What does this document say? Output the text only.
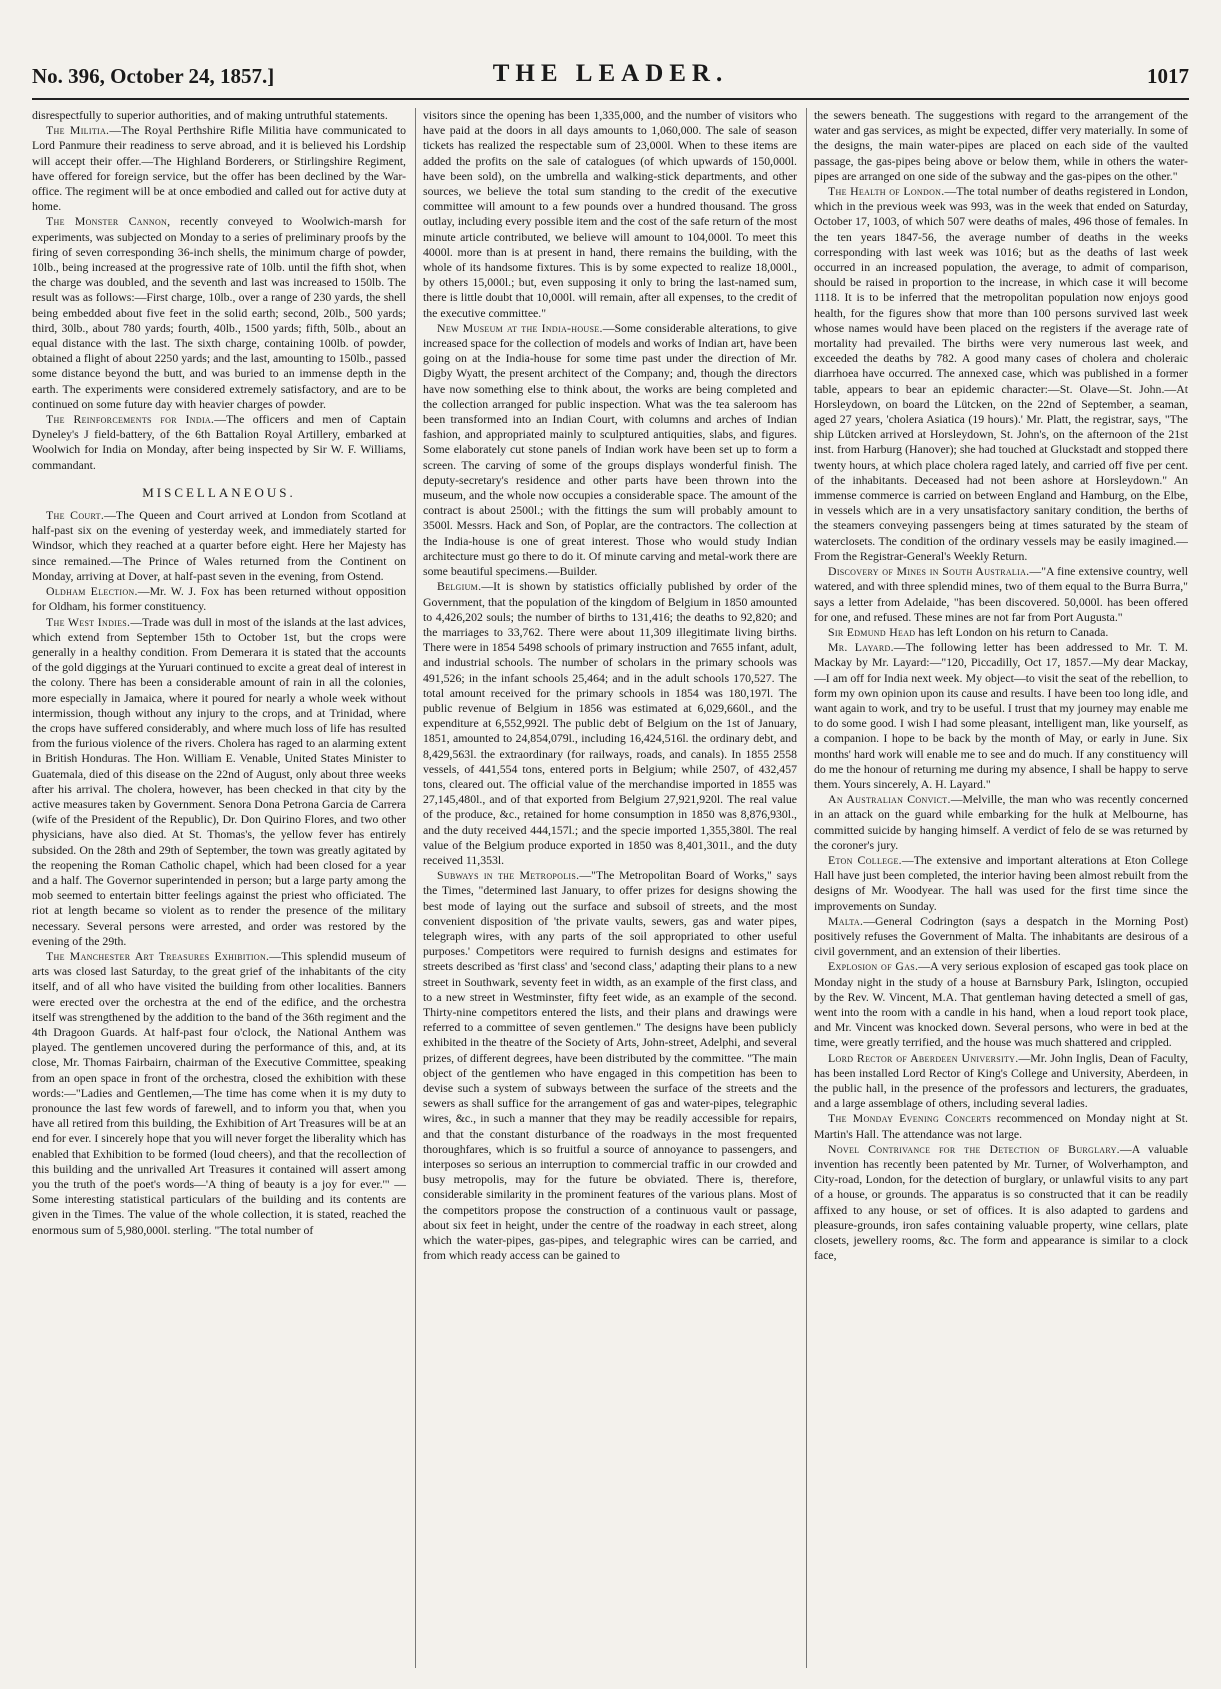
No. 396, October 24, 1857.]	THE LEADER.	1017

disrespectfully to superior authorities, and of making untruthful statements.

The Militia.—The Royal Perthshire Rifle Militia have communicated to Lord Panmure their readiness to serve abroad, and it is believed his Lordship will accept their offer.—The Highland Borderers, or Stirlingshire Regiment, have offered for foreign service, but the offer has been declined by the War-office. The regiment will be at once embodied and called out for active duty at home.

The Monster Cannon, recently conveyed to Woolwich-marsh for experiments, was subjected on Monday to a series of preliminary proofs by the firing of seven corresponding 36-inch shells, the minimum charge of powder, 10lb., being increased at the progressive rate of 10lb. until the fifth shot, when the charge was doubled, and the seventh and last was increased to 150lb. The result was as follows:—First charge, 10lb., over a range of 230 yards, the shell being embedded about five feet in the solid earth; second, 20lb., 500 yards; third, 30lb., about 780 yards; fourth, 40lb., 1500 yards; fifth, 50lb., about an equal distance with the last. The sixth charge, containing 100lb. of powder, obtained a flight of about 2250 yards; and the last, amounting to 150lb., passed some distance beyond the butt, and was buried to an immense depth in the earth. The experiments were considered extremely satisfactory, and are to be continued on some future day with heavier charges of powder.

The Reinforcements for India.—The officers and men of Captain Dyneley's J field-battery, of the 6th Battalion Royal Artillery, embarked at Woolwich for India on Monday, after being inspected by Sir W. F. Williams, commandant.

MISCELLANEOUS.

The Court.—The Queen and Court arrived at London from Scotland at half-past six on the evening of yesterday week, and immediately started for Windsor, which they reached at a quarter before eight. Here her Majesty has since remained.—The Prince of Wales returned from the Continent on Monday, arriving at Dover, at half-past seven in the evening, from Ostend.

Oldham Election.—Mr. W. J. Fox has been returned without opposition for Oldham, his former constituency.

The West Indies.—Trade was dull in most of the islands at the last advices, which extend from September 15th to October 1st, but the crops were generally in a healthy condition. From Demerara it is stated that the accounts of the gold diggings at the Yuruari continued to excite a great deal of interest in the colony. There has been a considerable amount of rain in all the colonies, more especially in Jamaica, where it poured for nearly a whole week without intermission, though without any injury to the crops, and at Trinidad, where the crops have suffered considerably, and where much loss of life has resulted from the furious violence of the rivers. Cholera has raged to an alarming extent in British Honduras. The Hon. William E. Venable, United States Minister to Guatemala, died of this disease on the 22nd of August, only about three weeks after his arrival. The cholera, however, has been checked in that city by the active measures taken by Government. Senora Dona Petrona Garcia de Carrera (wife of the President of the Republic), Dr. Don Quirino Flores, and two other physicians, have also died. At St. Thomas's, the yellow fever has entirely subsided. On the 28th and 29th of September, the town was greatly agitated by the reopening the Roman Catholic chapel, which had been closed for a year and a half. The Governor superintended in person; but a large party among the mob seemed to entertain bitter feelings against the priest who officiated. The riot at length became so violent as to render the presence of the military necessary. Several persons were arrested, and order was restored by the evening of the 29th.

The Manchester Art Treasures Exhibition.—This splendid museum of arts was closed last Saturday, to the great grief of the inhabitants of the city itself, and of all who have visited the building from other localities. Banners were erected over the orchestra at the end of the edifice, and the orchestra itself was strengthened by the addition to the band of the 36th regiment and the 4th Dragoon Guards. At half-past four o'clock, the National Anthem was played. The gentlemen uncovered during the performance of this, and, at its close, Mr. Thomas Fairbairn, chairman of the Executive Committee, speaking from an open space in front of the orchestra, closed the exhibition with these words:—"Ladies and Gentlemen,—The time has come when it is my duty to pronounce the last few words of farewell, and to inform you that, when you have all retired from this building, the Exhibition of Art Treasures will be at an end for ever. I sincerely hope that you will never forget the liberality which has enabled that Exhibition to be formed (loud cheers), and that the recollection of this building and the unrivalled Art Treasures it contained will assert among you the truth of the poet's words—'A thing of beauty is a joy for ever.'" —Some interesting statistical particulars of the building and its contents are given in the Times. The value of the whole collection, it is stated, reached the enormous sum of 5,980,000l. sterling. "The total number of

visitors since the opening has been 1,335,000, and the number of visitors who have paid at the doors in all days amounts to 1,060,000. The sale of season tickets has realized the respectable sum of 23,000l. When to these items are added the profits on the sale of catalogues (of which upwards of 150,000l. have been sold), on the umbrella and walking-stick departments, and other sources, we believe the total sum standing to the credit of the executive committee will amount to a few pounds over a hundred thousand. The gross outlay, including every possible item and the cost of the safe return of the most minute article contributed, we believe will amount to 104,000l. To meet this 4000l. more than is at present in hand, there remains the building, with the whole of its handsome fixtures. This is by some expected to realize 18,000l., by others 15,000l.; but, even supposing it only to bring the last-named sum, there is little doubt that 10,000l. will remain, after all expenses, to the credit of the executive committee."

New Museum at the India-house.—Some considerable alterations, to give increased space for the collection of models and works of Indian art, have been going on at the India-house for some time past under the direction of Mr. Digby Wyatt, the present architect of the Company; and, though the directors have now something else to think about, the works are being completed and the collection arranged for public inspection. What was the tea saleroom has been transformed into an Indian Court, with columns and arches of Indian fashion, and appropriated mainly to sculptured antiquities, slabs, and figures. Some elaborately cut stone panels of Indian work have been set up to form a screen. The carving of some of the groups displays wonderful finish. The deputy-secretary's residence and other parts have been thrown into the museum, and the whole now occupies a considerable space. The amount of the contract is about 2500l.; with the fittings the sum will probably amount to 3500l. Messrs. Hack and Son, of Poplar, are the contractors. The collection at the India-house is one of great interest. Those who would study Indian architecture must go there to do it. Of minute carving and metal-work there are some beautiful specimens.—Builder.

Belgium.—It is shown by statistics officially published by order of the Government, that the population of the kingdom of Belgium in 1850 amounted to 4,426,202 souls; the number of births to 131,416; the deaths to 92,820; and the marriages to 33,762. There were about 11,309 illegitimate living births. There were in 1854 5498 schools of primary instruction and 7655 infant, adult, and industrial schools. The number of scholars in the primary schools was 491,526; in the infant schools 25,464; and in the adult schools 170,527. The total amount received for the primary schools in 1854 was 180,197l. The public revenue of Belgium in 1856 was estimated at 6,029,660l., and the expenditure at 6,552,992l. The public debt of Belgium on the 1st of January, 1851, amounted to 24,854,079l., including 16,424,516l. the ordinary debt, and 8,429,563l. the extraordinary (for railways, roads, and canals). In 1855 2558 vessels, of 441,554 tons, entered ports in Belgium; while 2507, of 432,457 tons, cleared out. The official value of the merchandise imported in 1855 was 27,145,480l., and of that exported from Belgium 27,921,920l. The real value of the produce, &c., retained for home consumption in 1850 was 8,876,930l., and the duty received 444,157l.; and the specie imported 1,355,380l. The real value of the Belgium produce exported in 1850 was 8,401,301l., and the duty received 11,353l.

Subways in the Metropolis.—"The Metropolitan Board of Works," says the Times, "determined last January, to offer prizes for designs showing the best mode of laying out the surface and subsoil of streets, and the most convenient disposition of 'the private vaults, sewers, gas and water pipes, telegraph wires, with any parts of the soil appropriated to other useful purposes.' Competitors were required to furnish designs and estimates for streets described as 'first class' and 'second class,' adapting their plans to a new street in Southwark, seventy feet in width, as an example of the first class, and to a new street in Westminster, fifty feet wide, as an example of the second. Thirty-nine competitors entered the lists, and their plans and drawings were referred to a committee of seven gentlemen." The designs have been publicly exhibited in the theatre of the Society of Arts, John-street, Adelphi, and several prizes, of different degrees, have been distributed by the committee. "The main object of the gentlemen who have engaged in this competition has been to devise such a system of subways between the surface of the streets and the sewers as shall suffice for the arrangement of gas and water-pipes, telegraphic wires, &c., in such a manner that they may be readily accessible for repairs, and that the constant disturbance of the roadways in the most frequented thoroughfares, which is so fruitful a source of annoyance to passengers, and interposes so serious an interruption to commercial traffic in our crowded and busy metropolis, may for the future be obviated. There is, therefore, considerable similarity in the prominent features of the various plans. Most of the competitors propose the construction of a continuous vault or passage, about six feet in height, under the centre of the roadway in each street, along which the water-pipes, gas-pipes, and telegraphic wires can be carried, and from which ready access can be gained to

the sewers beneath. The suggestions with regard to the arrangement of the water and gas services, as might be expected, differ very materially. In some of the designs, the main water-pipes are placed on each side of the vaulted passage, the gas-pipes being above or below them, while in others the water-pipes are arranged on one side of the subway and the gas-pipes on the other."

The Health of London.—The total number of deaths registered in London, which in the previous week was 993, was in the week that ended on Saturday, October 17, 1003, of which 507 were deaths of males, 496 those of females. In the ten years 1847-56, the average number of deaths in the weeks corresponding with last week was 1016; but as the deaths of last week occurred in an increased population, the average, to admit of comparison, should be raised in proportion to the increase, in which case it will become 1118. It is to be inferred that the metropolitan population now enjoys good health, for the figures show that more than 100 persons survived last week whose names would have been placed on the registers if the average rate of mortality had prevailed. The births were very numerous last week, and exceeded the deaths by 782. A good many cases of cholera and choleraic diarrhoea have occurred. The annexed case, which was published in a former table, appears to bear an epidemic character:—St. Olave—St. John.—At Horsleydown, on board the Lütcken, on the 22nd of September, a seaman, aged 27 years, 'cholera Asiatica (19 hours).' Mr. Platt, the registrar, says, "The ship Lütcken arrived at Horsleydown, St. John's, on the afternoon of the 21st inst. from Harburg (Hanover); she had touched at Gluckstadt and stopped there twenty hours, at which place cholera raged lately, and carried off five per cent. of the inhabitants. Deceased had not been ashore at Horsleydown." An immense commerce is carried on between England and Hamburg, on the Elbe, in vessels which are in a very unsatisfactory sanitary condition, the berths of the steamers conveying passengers being at times saturated by the steam of waterclosets. The condition of the ordinary vessels may be easily imagined.—From the Registrar-General's Weekly Return.

Discovery of Mines in South Australia.—"A fine extensive country, well watered, and with three splendid mines, two of them equal to the Burra Burra," says a letter from Adelaide, "has been discovered. 50,000l. has been offered for one, and refused. These mines are not far from Port Augusta."

Sir Edmund Head has left London on his return to Canada.

Mr. Layard.—The following letter has been addressed to Mr. T. M. Mackay by Mr. Layard:—"120, Piccadilly, Oct 17, 1857.—My dear Mackay,—I am off for India next week. My object—to visit the seat of the rebellion, to form my own opinion upon its cause and results. I have been too long idle, and want again to work, and try to be useful. I trust that my journey may enable me to do some good. I wish I had some pleasant, intelligent man, like yourself, as a companion. I hope to be back by the month of May, or early in June. Six months' hard work will enable me to see and do much. If any constituency will do me the honour of returning me during my absence, I shall be happy to serve them. Yours sincerely, A. H. Layard."

An Australian Convict.—Melville, the man who was recently concerned in an attack on the guard while embarking for the hulk at Melbourne, has committed suicide by hanging himself. A verdict of felo de se was returned by the coroner's jury.

Eton College.—The extensive and important alterations at Eton College Hall have just been completed, the interior having been almost rebuilt from the designs of Mr. Woodyear. The hall was used for the first time since the improvements on Sunday.

Malta.—General Codrington (says a despatch in the Morning Post) positively refuses the Government of Malta. The inhabitants are desirous of a civil government, and an extension of their liberties.

Explosion of Gas.—A very serious explosion of escaped gas took place on Monday night in the study of a house at Barnsbury Park, Islington, occupied by the Rev. W. Vincent, M.A. That gentleman having detected a smell of gas, went into the room with a candle in his hand, when a loud report took place, and Mr. Vincent was knocked down. Several persons, who were in bed at the time, were greatly terrified, and the house was much shattered and crippled.

Lord Rector of Aberdeen University.—Mr. John Inglis, Dean of Faculty, has been installed Lord Rector of King's College and University, Aberdeen, in the public hall, in the presence of the professors and lecturers, the graduates, and a large assemblage of others, including several ladies.

The Monday Evening Concerts recommenced on Monday night at St. Martin's Hall. The attendance was not large.

Novel Contrivance for the Detection of Burglary.—A valuable invention has recently been patented by Mr. Turner, of Wolverhampton, and City-road, London, for the detection of burglary, or unlawful visits to any part of a house, or grounds. The apparatus is so constructed that it can be readily affixed to any house, or set of offices. It is also adapted to gardens and pleasure-grounds, iron safes containing valuable property, wine cellars, plate closets, jewellery rooms, &c. The form and appearance is similar to a clock face,
